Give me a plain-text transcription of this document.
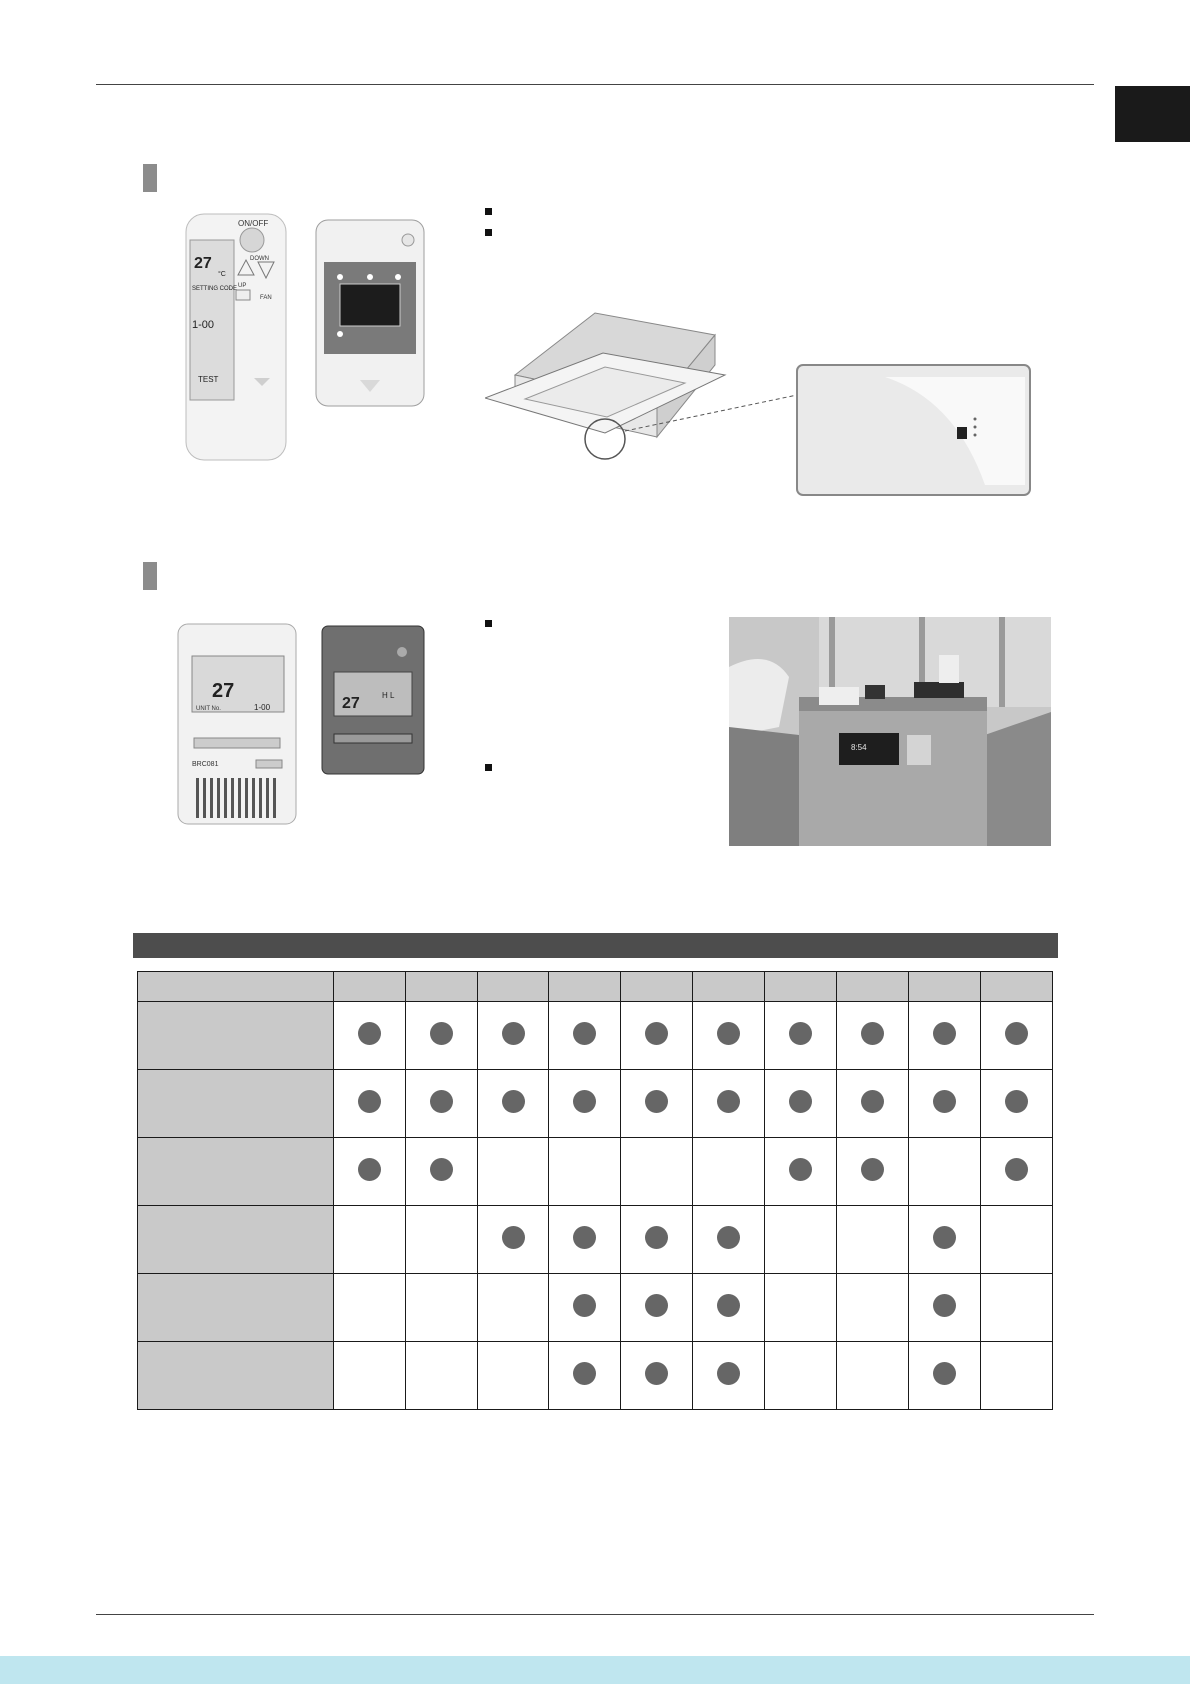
ON/OFF
DOWN
UP
FAN
27
°C
SETTING CODE
1-00
TEST
27
UNIT No.	1-00
BRC081
27	H L
8:54
